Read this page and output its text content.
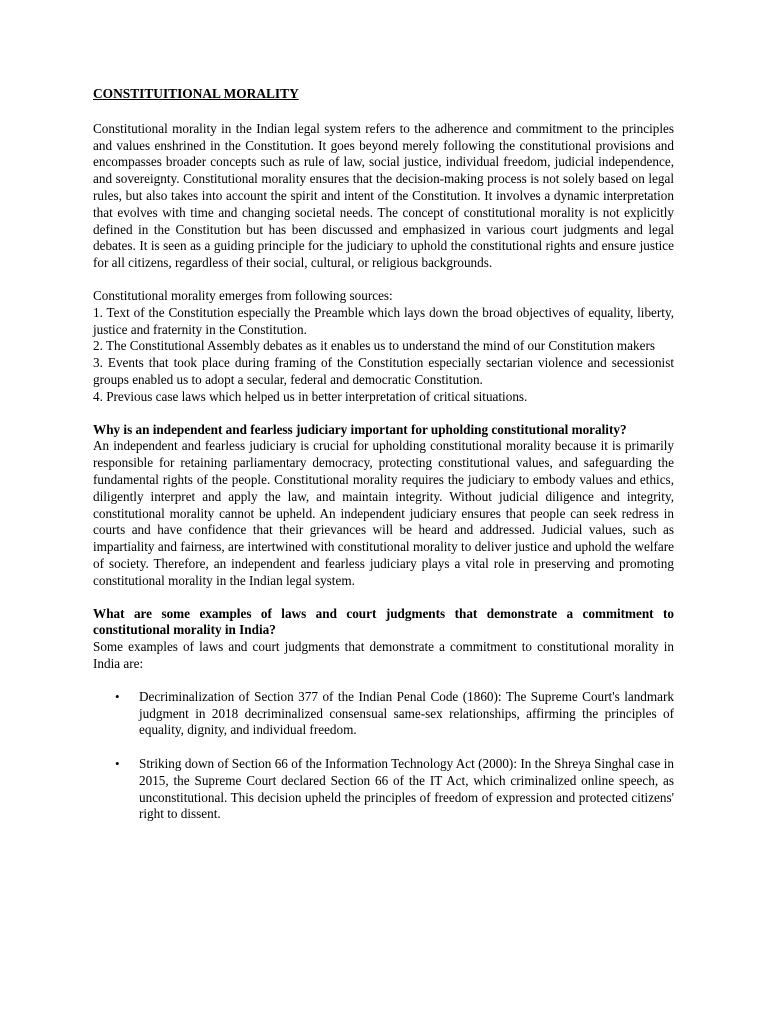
CONSTITUITIONAL MORALITY

Constitutional morality in the Indian legal system refers to the adherence and commitment to the principles and values enshrined in the Constitution. It goes beyond merely following the constitutional provisions and encompasses broader concepts such as rule of law, social justice, individual freedom, judicial independence, and sovereignty. Constitutional morality ensures that the decision-making process is not solely based on legal rules, but also takes into account the spirit and intent of the Constitution. It involves a dynamic interpretation that evolves with time and changing societal needs. The concept of constitutional morality is not explicitly defined in the Constitution but has been discussed and emphasized in various court judgments and legal debates. It is seen as a guiding principle for the judiciary to uphold the constitutional rights and ensure justice for all citizens, regardless of their social, cultural, or religious backgrounds.

Constitutional morality emerges from following sources:

1. Text of the Constitution especially the Preamble which lays down the broad objectives of equality, liberty, justice and fraternity in the Constitution.

2. The Constitutional Assembly debates as it enables us to understand the mind of our Constitution makers

3. Events that took place during framing of the Constitution especially sectarian violence and secessionist groups enabled us to adopt a secular, federal and democratic Constitution.

4. Previous case laws which helped us in better interpretation of critical situations.

Why is an independent and fearless judiciary important for upholding constitutional morality?

An independent and fearless judiciary is crucial for upholding constitutional morality because it is primarily responsible for retaining parliamentary democracy, protecting constitutional values, and safeguarding the fundamental rights of the people. Constitutional morality requires the judiciary to embody values and ethics, diligently interpret and apply the law, and maintain integrity. Without judicial diligence and integrity, constitutional morality cannot be upheld. An independent judiciary ensures that people can seek redress in courts and have confidence that their grievances will be heard and addressed. Judicial values, such as impartiality and fairness, are intertwined with constitutional morality to deliver justice and uphold the welfare of society. Therefore, an independent and fearless judiciary plays a vital role in preserving and promoting constitutional morality in the Indian legal system.

What are some examples of laws and court judgments that demonstrate a commitment to constitutional morality in India?

Some examples of laws and court judgments that demonstrate a commitment to constitutional morality in India are:

• Decriminalization of Section 377 of the Indian Penal Code (1860): The Supreme Court's landmark judgment in 2018 decriminalized consensual same-sex relationships, affirming the principles of equality, dignity, and individual freedom.
• Striking down of Section 66 of the Information Technology Act (2000): In the Shreya Singhal case in 2015, the Supreme Court declared Section 66 of the IT Act, which criminalized online speech, as unconstitutional. This decision upheld the principles of freedom of expression and protected citizens' right to dissent.
